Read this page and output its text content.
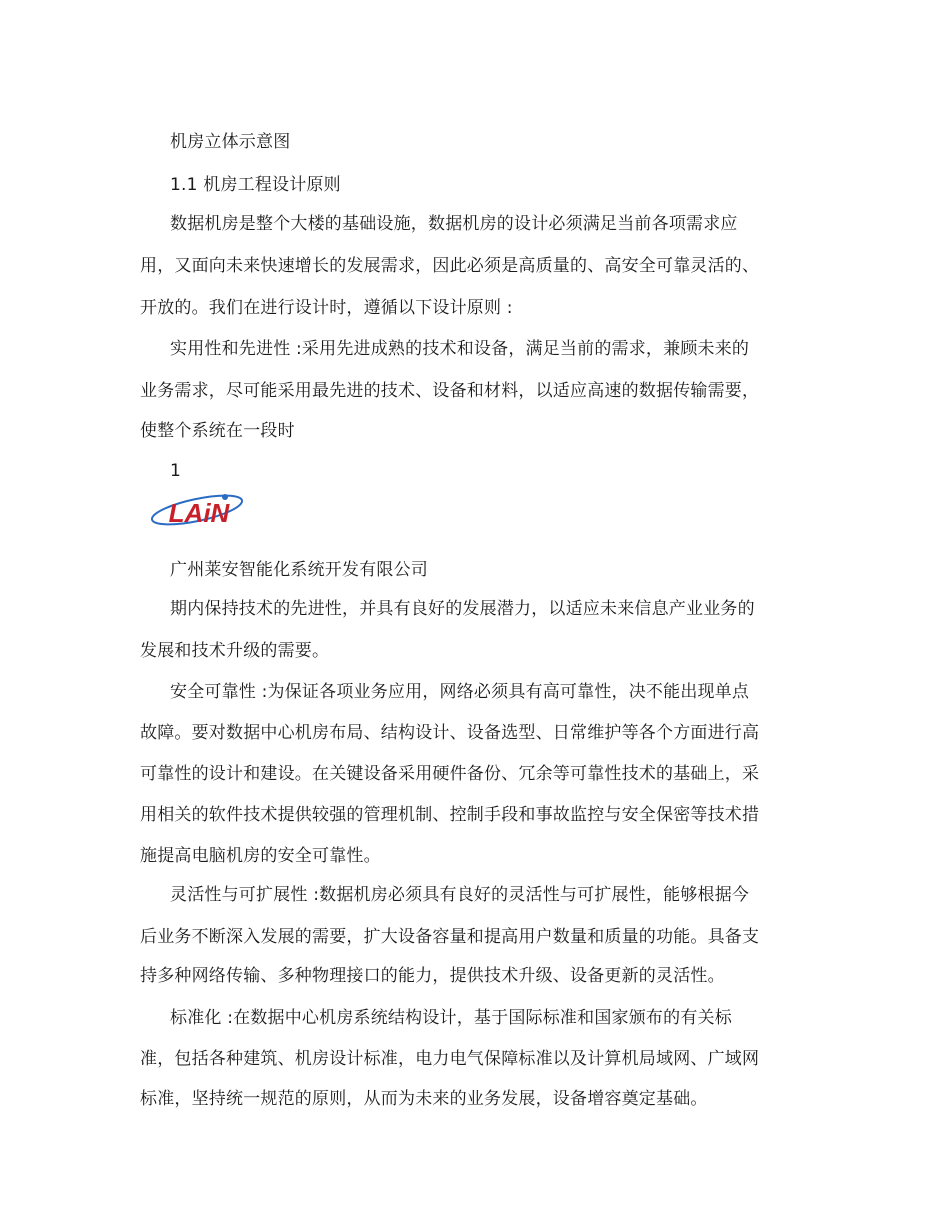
机房立体示意图
1.1 机房工程设计原则
数据机房是整个大楼的基础设施，数据机房的设计必须满足当前各项需求应
用，又面向未来快速增长的发展需求，因此必须是高质量的、高安全可靠灵活的、
开放的。我们在进行设计时，遵循以下设计原则 :
实用性和先进性 :采用先进成熟的技术和设备，满足当前的需求，兼顾未来的
业务需求，尽可能采用最先进的技术、设备和材料，以适应高速的数据传输需要，
使整个系统在一段时
1
LAiN
广州莱安智能化系统开发有限公司
期内保持技术的先进性，并具有良好的发展潜力，以适应未来信息产业业务的
发展和技术升级的需要。
安全可靠性 :为保证各项业务应用，网络必须具有高可靠性，决不能出现单点
故障。要对数据中心机房布局、结构设计、设备选型、日常维护等各个方面进行高
可靠性的设计和建设。在关键设备采用硬件备份、冗余等可靠性技术的基础上，采
用相关的软件技术提供较强的管理机制、控制手段和事故监控与安全保密等技术措
施提高电脑机房的安全可靠性。
灵活性与可扩展性 :数据机房必须具有良好的灵活性与可扩展性，能够根据今
后业务不断深入发展的需要，扩大设备容量和提高用户数量和质量的功能。具备支
持多种网络传输、多种物理接口的能力，提供技术升级、设备更新的灵活性。
标准化 :在数据中心机房系统结构设计，基于国际标准和国家颁布的有关标
准，包括各种建筑、机房设计标准，电力电气保障标准以及计算机局域网、广域网
标准，坚持统一规范的原则，从而为未来的业务发展，设备增容奠定基础。
